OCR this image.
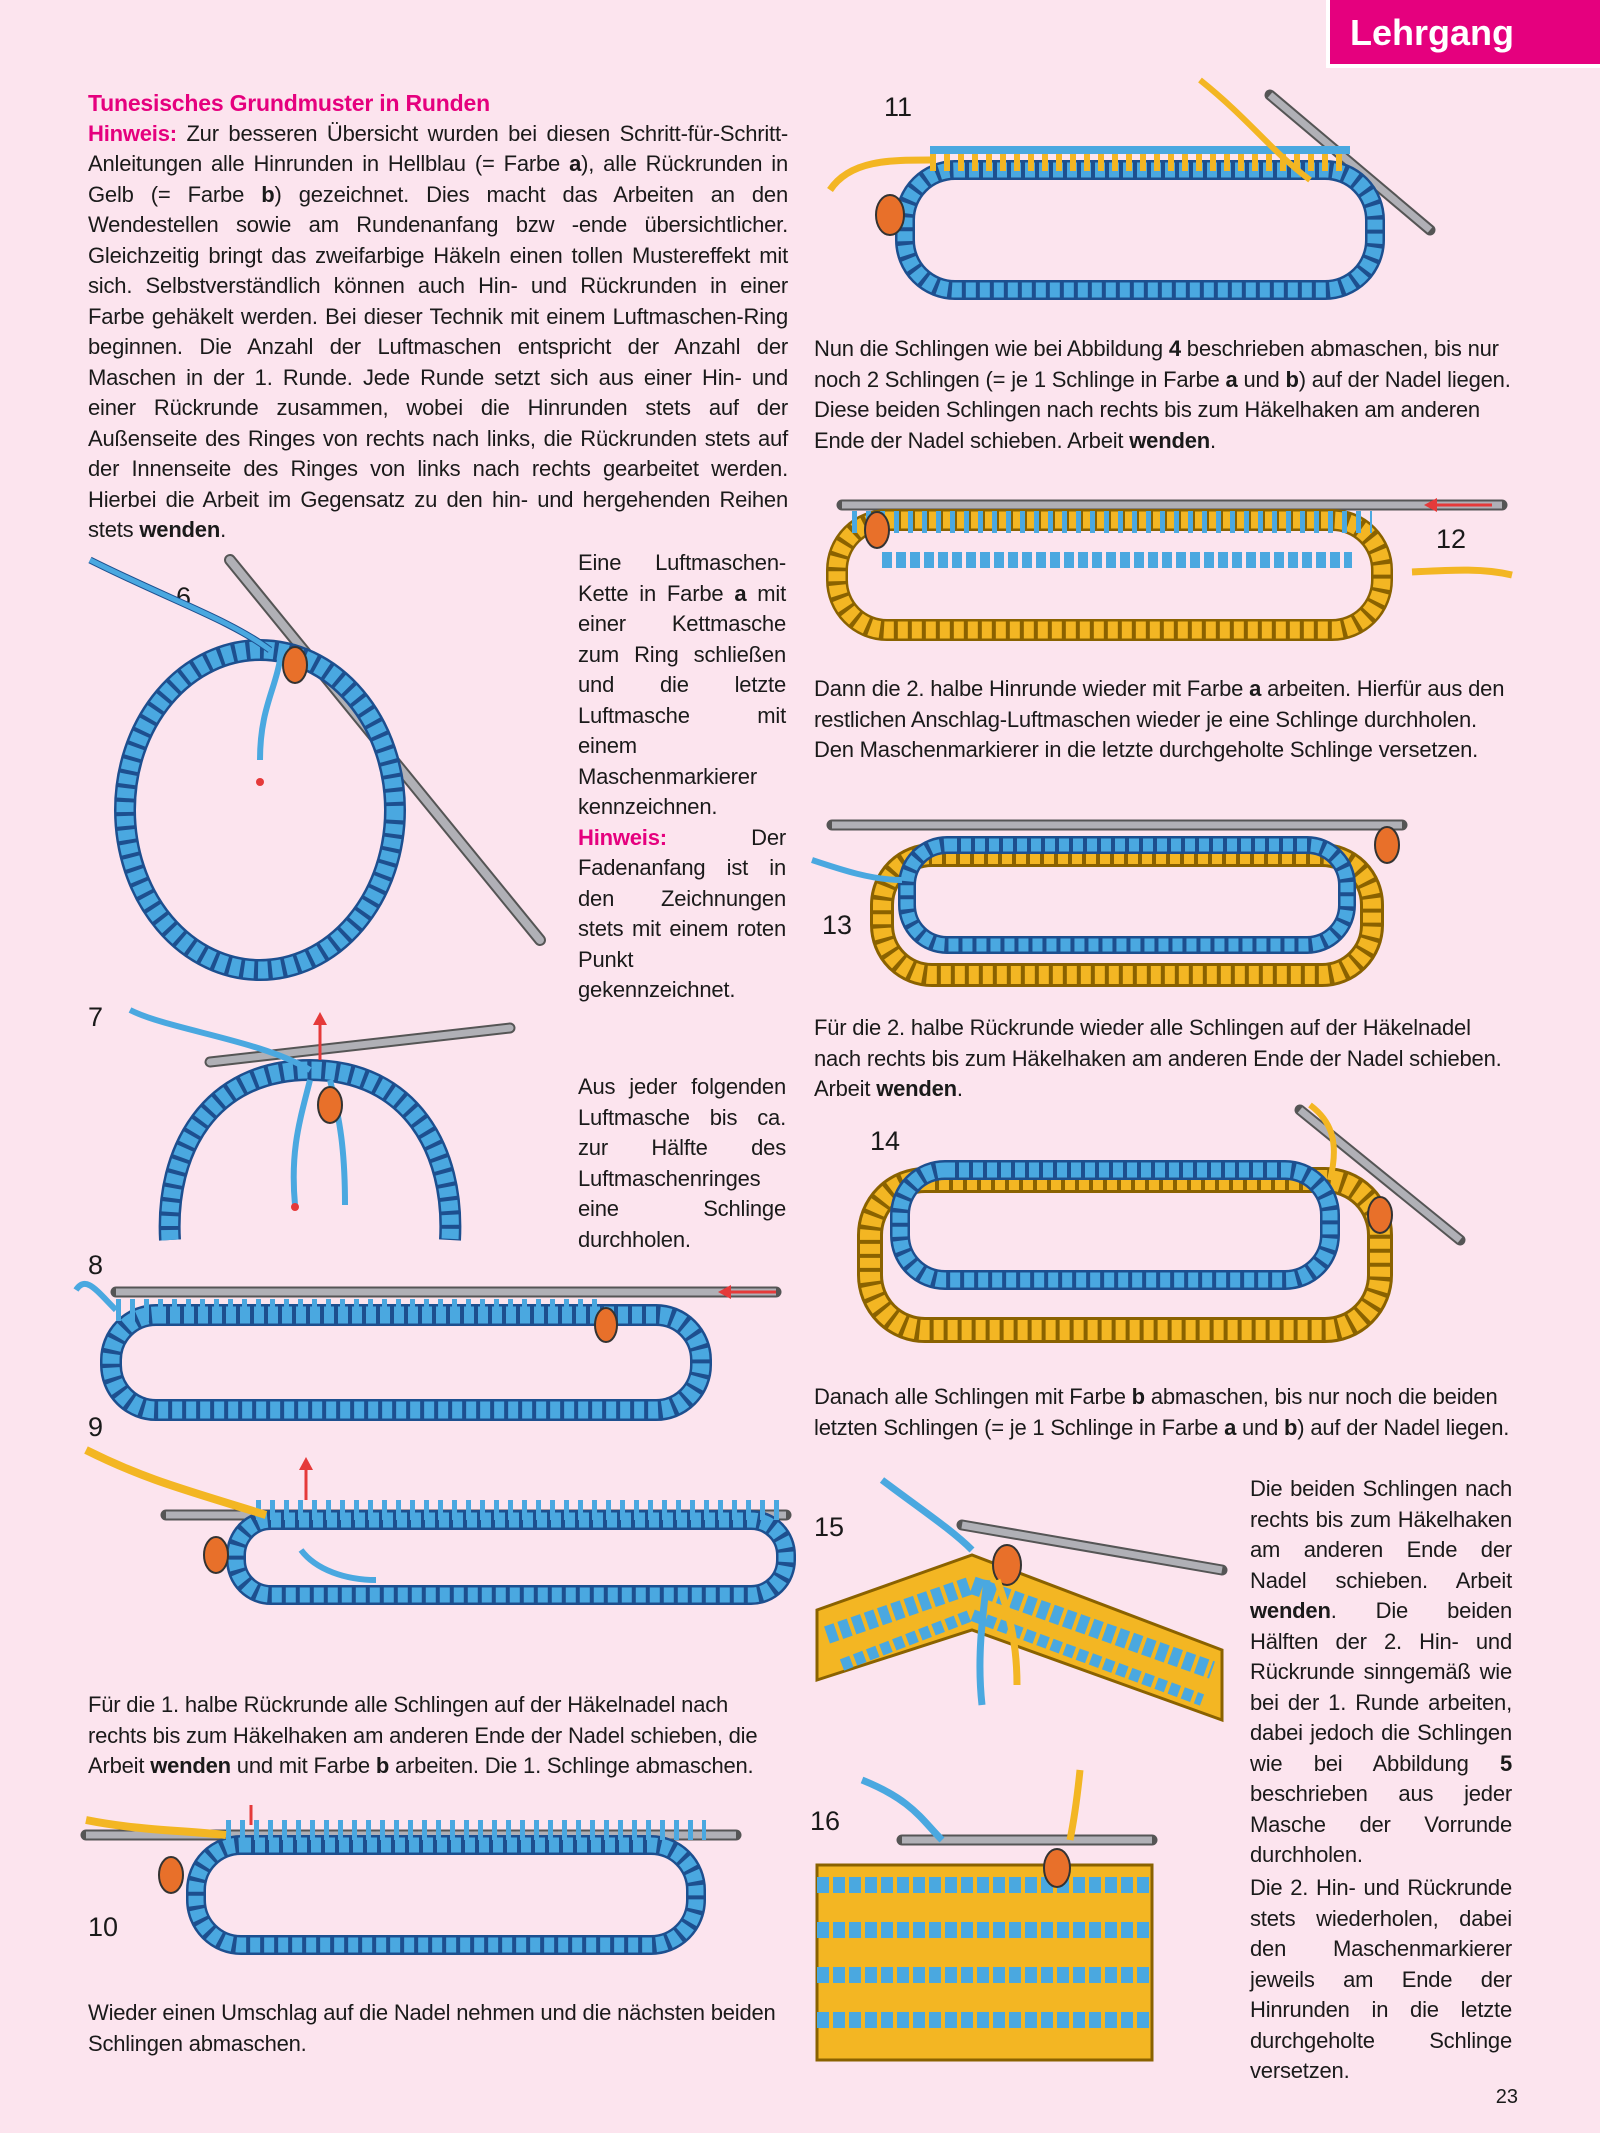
Lehrgang
Tunesisches Grundmuster in Runden
Hinweis: Zur besseren Übersicht wurden bei diesen Schritt-für-Schritt-Anleitungen alle Hinrunden in Hellblau (= Farbe a), alle Rückrunden in Gelb (= Farbe b) gezeichnet. Dies macht das Arbeiten an den Wendestellen sowie am Rundenanfang bzw -ende übersichtlicher. Gleichzeitig bringt das zweifarbige Häkeln einen tollen Mustereffekt mit sich. Selbstverständlich können auch Hin- und Rückrunden in einer Farbe gehäkelt werden. Bei dieser Technik mit einem Luftmaschen-Ring beginnen. Die Anzahl der Luftmaschen entspricht der Anzahl der Maschen in der 1. Runde. Jede Runde setzt sich aus einer Hin- und einer Rückrunde zusammen, wobei die Hinrunden stets auf der Außenseite des Ringes von rechts nach links, die Rückrunden stets auf der Innenseite des Ringes von links nach rechts gearbeitet werden. Hierbei die Arbeit im Gegensatz zu den hin- und hergehenden Reihen stets wenden.
Eine Luftmaschen-Kette in Farbe a mit einer Kettmasche zum Ring schließen und die letzte Luftmasche mit einem Maschenmarkierer kennzeichnen. Hinweis: Der Fadenanfang ist in den Zeichnungen stets mit einem roten Punkt gekennzeichnet.
Aus jeder folgenden Luftmasche bis ca. zur Hälfte des Luftmaschenringes eine Schlinge durchholen.
Für die 1. halbe Rückrunde alle Schlingen auf der Häkelnadel nach rechts bis zum Häkelhaken am anderen Ende der Nadel schieben, die Arbeit wenden und mit Farbe b arbeiten. Die 1. Schlinge abmaschen.
Wieder einen Umschlag auf die Nadel nehmen und die nächsten beiden Schlingen abmaschen.
Nun die Schlingen wie bei Abbildung 4 beschrieben abmaschen, bis nur noch 2 Schlingen (= je 1 Schlinge in Farbe a und b) auf der Nadel liegen. Diese beiden Schlingen nach rechts bis zum Häkelhaken am anderen Ende der Nadel schieben. Arbeit wenden.
Dann die 2. halbe Hinrunde wieder mit Farbe a arbeiten. Hierfür aus den restlichen Anschlag-Luftmaschen wieder je eine Schlinge durchholen. Den Maschenmarkierer in die letzte durchgeholte Schlinge versetzen.
Für die 2. halbe Rückrunde wieder alle Schlingen auf der Häkelnadel nach rechts bis zum Häkelhaken am anderen Ende der Nadel schieben. Arbeit wenden.
Danach alle Schlingen mit Farbe b abmaschen, bis nur noch die beiden letzten Schlingen (= je 1 Schlinge in Farbe a und b) auf der Nadel liegen.
Die beiden Schlingen nach rechts bis zum Häkelhaken am anderen Ende der Nadel schieben. Arbeit wenden. Die beiden Hälften der 2. Hin- und Rückrunde sinngemäß wie bei der 1. Runde arbeiten, dabei jedoch die Schlingen wie bei Abbildung 5 beschrieben aus jeder Masche der Vorrunde durchholen.
Die 2. Hin- und Rückrunde stets wiederholen, dabei den Maschenmarkierer jeweils am Ende der Hinrunden in die letzte durchgeholte Schlinge versetzen.
23
6
7
8
9
10
11
12
13
14
15
16
